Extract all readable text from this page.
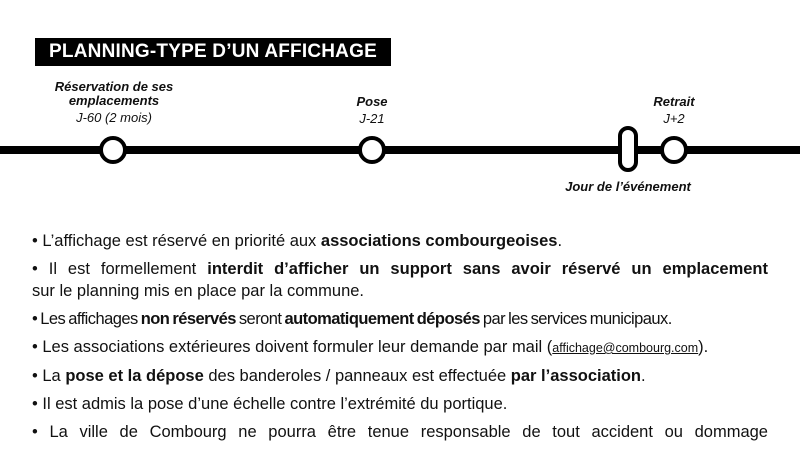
PLANNING-TYPE D’UN AFFICHAGE
Réservation de ses
emplacements
J-60 (2 mois)
Pose
J-21
Jour de l’événement
Retrait
J+2
• L’affichage est réservé en priorité aux associations combourgeoises.
• Il est formellement interdit d’afficher un support sans avoir réservé un emplacement
sur le planning mis en place par la commune.
• Les affichages non réservés seront automatiquement déposés par les services municipaux.
• Les associations extérieures doivent formuler leur demande par mail (affichage@combourg.com).
• La pose et la dépose des banderoles / panneaux est effectuée par l’association.
• Il est admis la pose d’une échelle contre l’extrémité du portique.
• La ville de Combourg ne pourra être tenue responsable de tout accident ou dommage
